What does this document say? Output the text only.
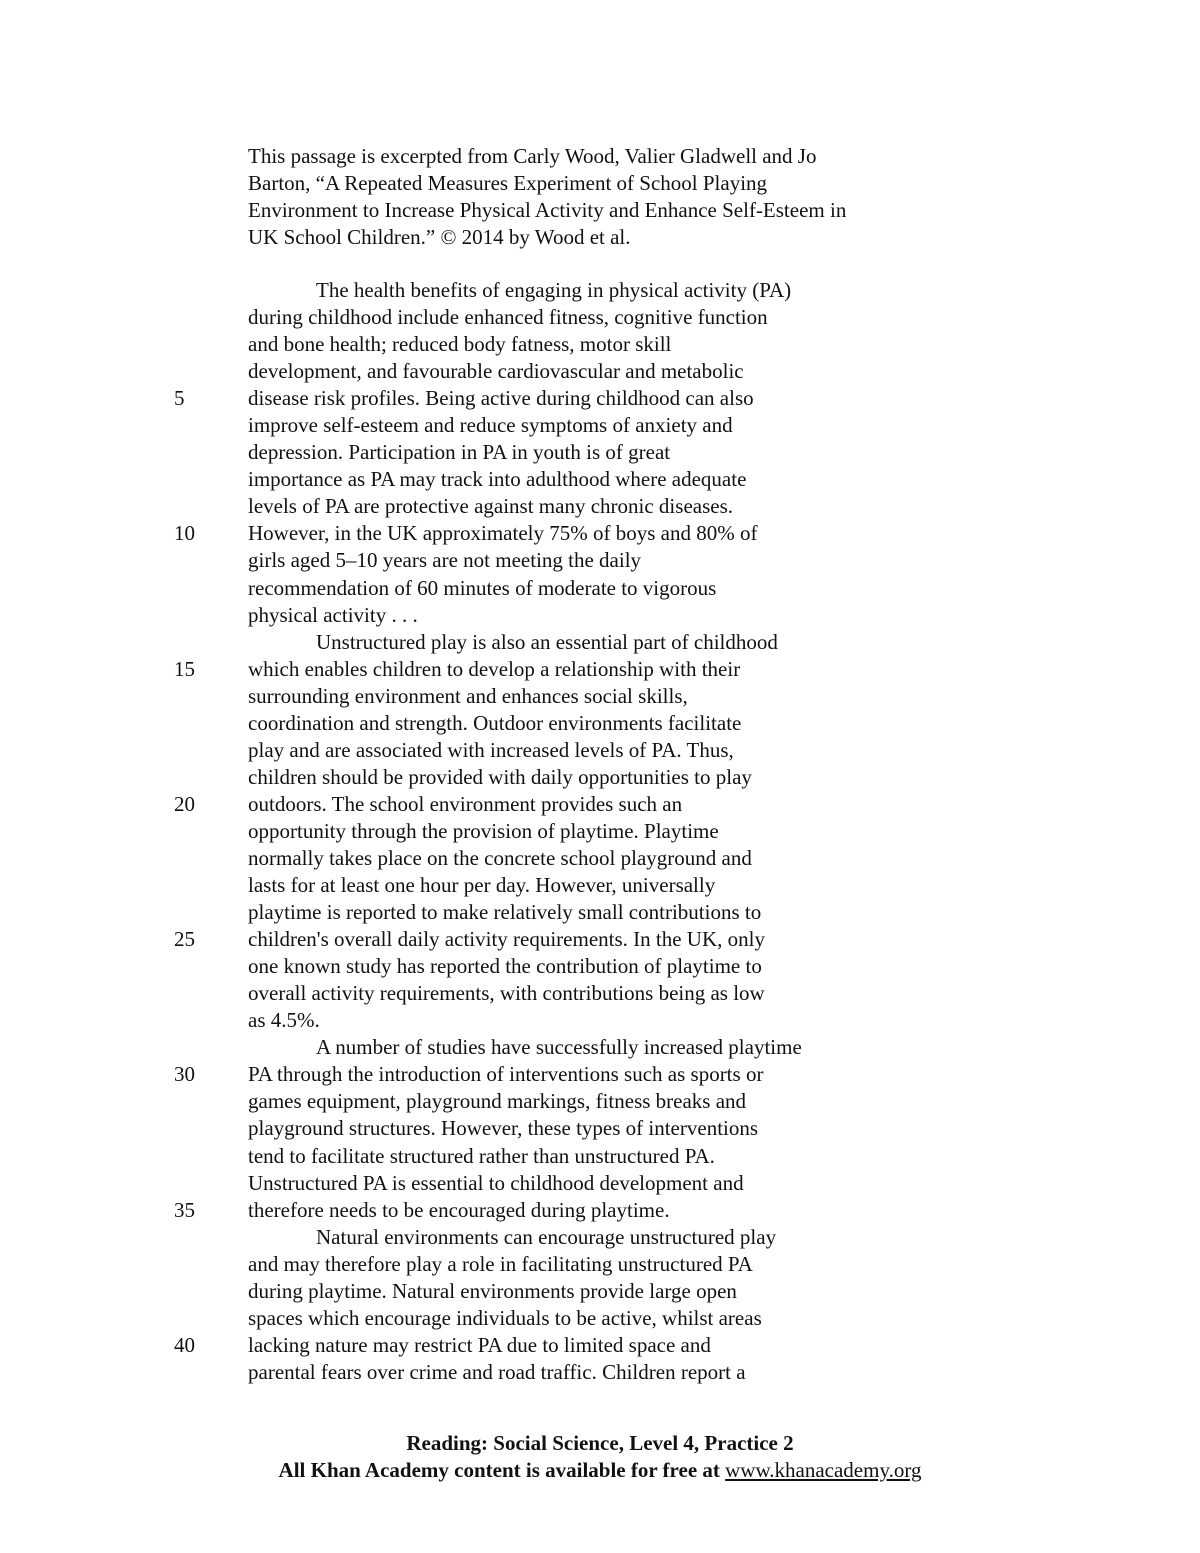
This passage is excerpted from Carly Wood, Valier Gladwell and Jo
Barton, “A Repeated Measures Experiment of School Playing
Environment to Increase Physical Activity and Enhance Self-Esteem in
UK School Children.” © 2014 by Wood et al.
The health benefits of engaging in physical activity (PA)
during childhood include enhanced fitness, cognitive function
and bone health; reduced body fatness, motor skill
development, and favourable cardiovascular and metabolic
5	disease risk profiles. Being active during childhood can also
improve self-esteem and reduce symptoms of anxiety and
depression. Participation in PA in youth is of great
importance as PA may track into adulthood where adequate
levels of PA are protective against many chronic diseases.
10	However, in the UK approximately 75% of boys and 80% of
girls aged 5–10 years are not meeting the daily
recommendation of 60 minutes of moderate to vigorous
physical activity . . .
Unstructured play is also an essential part of childhood
15	which enables children to develop a relationship with their
surrounding environment and enhances social skills,
coordination and strength. Outdoor environments facilitate
play and are associated with increased levels of PA. Thus,
children should be provided with daily opportunities to play
20	outdoors. The school environment provides such an
opportunity through the provision of playtime. Playtime
normally takes place on the concrete school playground and
lasts for at least one hour per day. However, universally
playtime is reported to make relatively small contributions to
25	children's overall daily activity requirements. In the UK, only
one known study has reported the contribution of playtime to
overall activity requirements, with contributions being as low
as 4.5%.
A number of studies have successfully increased playtime
30	PA through the introduction of interventions such as sports or
games equipment, playground markings, fitness breaks and
playground structures. However, these types of interventions
tend to facilitate structured rather than unstructured PA.
Unstructured PA is essential to childhood development and
35	therefore needs to be encouraged during playtime.
Natural environments can encourage unstructured play
and may therefore play a role in facilitating unstructured PA
during playtime. Natural environments provide large open
spaces which encourage individuals to be active, whilst areas
40	lacking nature may restrict PA due to limited space and
parental fears over crime and road traffic. Children report a
Reading: Social Science, Level 4, Practice 2
All Khan Academy content is available for free at www.khanacademy.org
